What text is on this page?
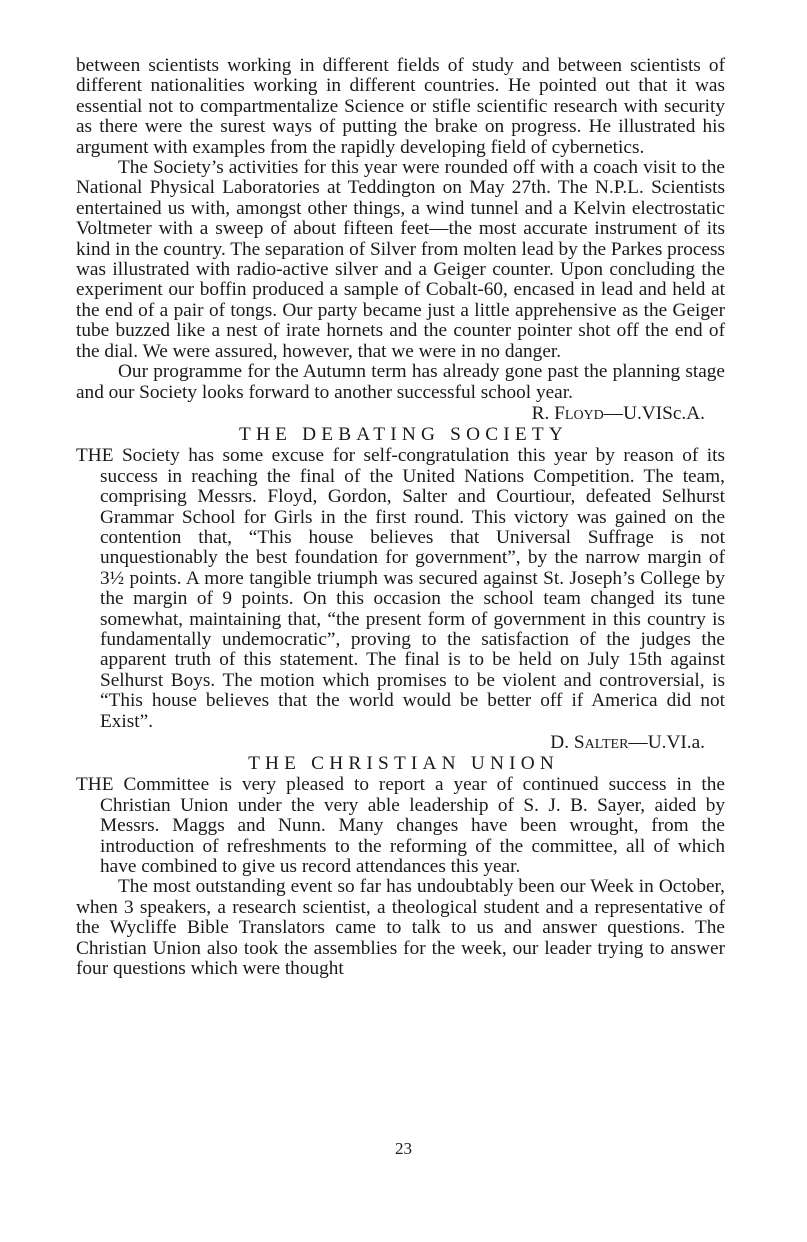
between scientists working in different fields of study and between scientists of different nationalities working in different countries. He pointed out that it was essential not to compartmentalize Science or stifle scientific research with security as there were the surest ways of putting the brake on progress. He illustrated his argument with examples from the rapidly developing field of cybernetics.

The Society’s activities for this year were rounded off with a coach visit to the National Physical Laboratories at Teddington on May 27th. The N.P.L. Scientists entertained us with, amongst other things, a wind tunnel and a Kelvin electrostatic Voltmeter with a sweep of about fifteen feet—the most accurate instrument of its kind in the country. The separation of Silver from molten lead by the Parkes process was illustrated with radio-active silver and a Geiger counter. Upon concluding the experiment our boffin produced a sample of Cobalt-60, encased in lead and held at the end of a pair of tongs. Our party became just a little apprehensive as the Geiger tube buzzed like a nest of irate hornets and the counter pointer shot off the end of the dial. We were assured, however, that we were in no danger.

Our programme for the Autumn term has already gone past the planning stage and our Society looks forward to another successful school year.

R. Floyd—U.VISc.A.

THE DEBATING SOCIETY

THE Society has some excuse for self-congratulation this year by reason of its success in reaching the final of the United Nations Competition. The team, comprising Messrs. Floyd, Gordon, Salter and Courtiour, defeated Selhurst Grammar School for Girls in the first round. This victory was gained on the contention that, “This house believes that Universal Suffrage is not unquestionably the best foundation for government”, by the narrow margin of 3½ points. A more tangible triumph was secured against St. Joseph’s College by the margin of 9 points. On this occasion the school team changed its tune somewhat, maintaining that, “the present form of government in this country is fundamentally undemocratic”, proving to the satisfaction of the judges the apparent truth of this statement. The final is to be held on July 15th against Selhurst Boys. The motion which promises to be violent and controversial, is “This house believes that the world would be better off if America did not Exist”.

D. Salter—U.VI.a.

THE CHRISTIAN UNION

THE Committee is very pleased to report a year of continued success in the Christian Union under the very able leadership of S. J. B. Sayer, aided by Messrs. Maggs and Nunn. Many changes have been wrought, from the introduction of refreshments to the reforming of the committee, all of which have combined to give us record attendances this year.

The most outstanding event so far has undoubtably been our Week in October, when 3 speakers, a research scientist, a theological student and a representative of the Wycliffe Bible Translators came to talk to us and answer questions. The Christian Union also took the assemblies for the week, our leader trying to answer four questions which were thought

23
